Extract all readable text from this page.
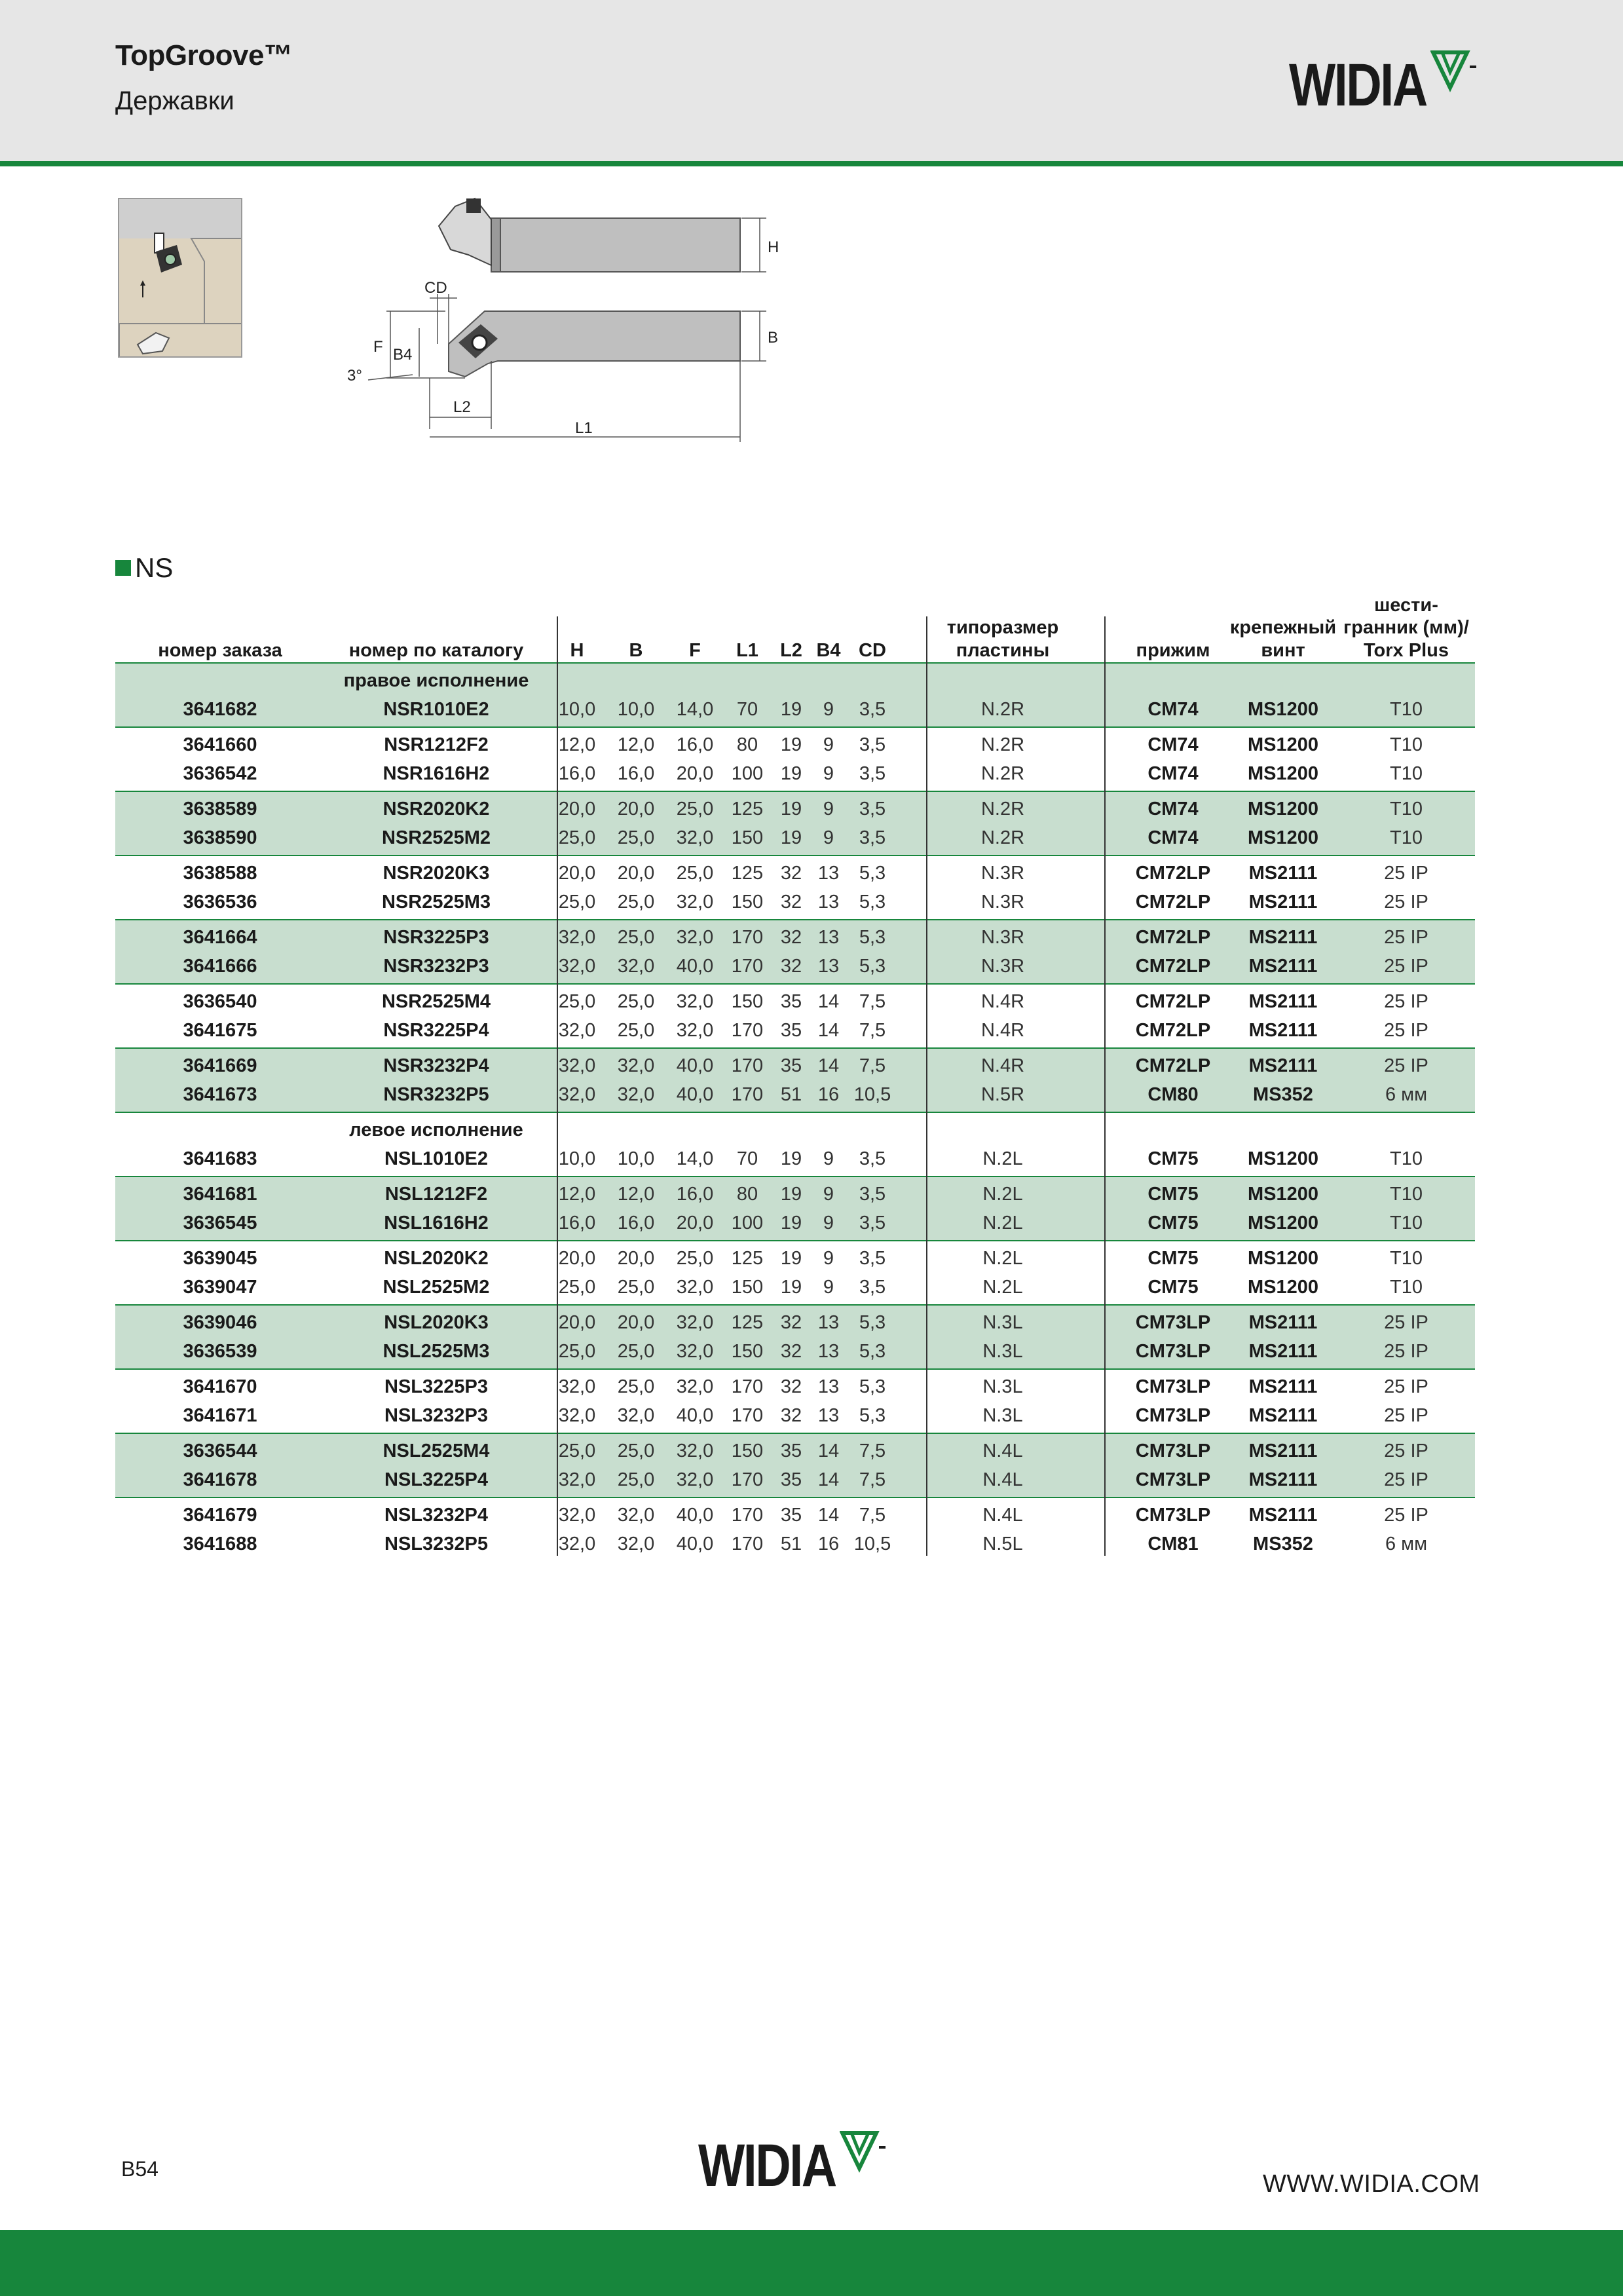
TopGroove™
Державки	WIDIA
H
B
CD
F B4
3°
L2
L1
NS
номер заказа	номер по каталогу	H	B	F	L1	L2 B4 CD
типоразмер
пластины	прижим
крепежный
винт
шести-
гранник (мм)/
Torx Plus
правое исполнение
3641682	NSR1010E2	10,0	10,0	14,0	70	19	9	3,5	N.2R	CM74	MS1200	T10
3641660	NSR1212F2	12,0	12,0	16,0	80	19	9	3,5	N.2R	CM74	MS1200	T10
3636542	NSR1616H2	16,0	16,0	20,0 100 19	9	3,5	N.2R	CM74	MS1200	T10
3638589	NSR2020K2	20,0	20,0	25,0 125 19	9	3,5	N.2R	CM74	MS1200	T10
3638590	NSR2525M2	25,0	25,0	32,0 150 19	9	3,5	N.2R	CM74	MS1200	T10
3638588	NSR2020K3	20,0	20,0	25,0 125 32 13	5,3	N.3R	CM72LP	MS2111	25 IP
3636536	NSR2525M3	25,0	25,0	32,0 150 32 13	5,3	N.3R	CM72LP	MS2111	25 IP
3641664	NSR3225P3	32,0	25,0	32,0 170 32 13	5,3	N.3R	CM72LP	MS2111	25 IP
3641666	NSR3232P3	32,0	32,0	40,0 170 32 13	5,3	N.3R	CM72LP	MS2111	25 IP
3636540	NSR2525M4	25,0	25,0	32,0 150 35 14	7,5	N.4R	CM72LP	MS2111	25 IP
3641675	NSR3225P4	32,0	25,0	32,0 170 35 14	7,5	N.4R	CM72LP	MS2111	25 IP
3641669	NSR3232P4	32,0	32,0	40,0 170 35 14	7,5	N.4R	CM72LP	MS2111	25 IP
3641673	NSR3232P5	32,0	32,0	40,0 170 51 16 10,5	N.5R	CM80	MS352	6 мм
левое исполнение
3641683	NSL1010E2	10,0	10,0	14,0	70	19	9	3,5	N.2L	CM75	MS1200	T10
3641681	NSL1212F2	12,0	12,0	16,0	80	19	9	3,5	N.2L	CM75	MS1200	T10
3636545	NSL1616H2	16,0	16,0	20,0 100 19	9	3,5	N.2L	CM75	MS1200	T10
3639045	NSL2020K2	20,0	20,0	25,0 125 19	9	3,5	N.2L	CM75	MS1200	T10
3639047	NSL2525M2	25,0	25,0	32,0 150 19	9	3,5	N.2L	CM75	MS1200	T10
3639046	NSL2020K3	20,0	20,0	32,0 125 32 13	5,3	N.3L	CM73LP	MS2111	25 IP
3636539	NSL2525M3	25,0	25,0	32,0 150 32 13	5,3	N.3L	CM73LP	MS2111	25 IP
3641670	NSL3225P3	32,0	25,0	32,0 170 32 13	5,3	N.3L	CM73LP	MS2111	25 IP
3641671	NSL3232P3	32,0	32,0	40,0 170 32 13	5,3	N.3L	CM73LP	MS2111	25 IP
3636544	NSL2525M4	25,0	25,0	32,0 150 35 14	7,5	N.4L	CM73LP	MS2111	25 IP
3641678	NSL3225P4	32,0	25,0	32,0 170 35 14	7,5	N.4L	CM73LP	MS2111	25 IP
3641679	NSL3232P4	32,0	32,0	40,0 170 35 14	7,5	N.4L	CM73LP	MS2111	25 IP
3641688	NSL3232P5	32,0	32,0	40,0 170 51 16 10,5	N.5L	CM81	MS352	6 мм
B54	WIDIA	WWW.WIDIA.COM
